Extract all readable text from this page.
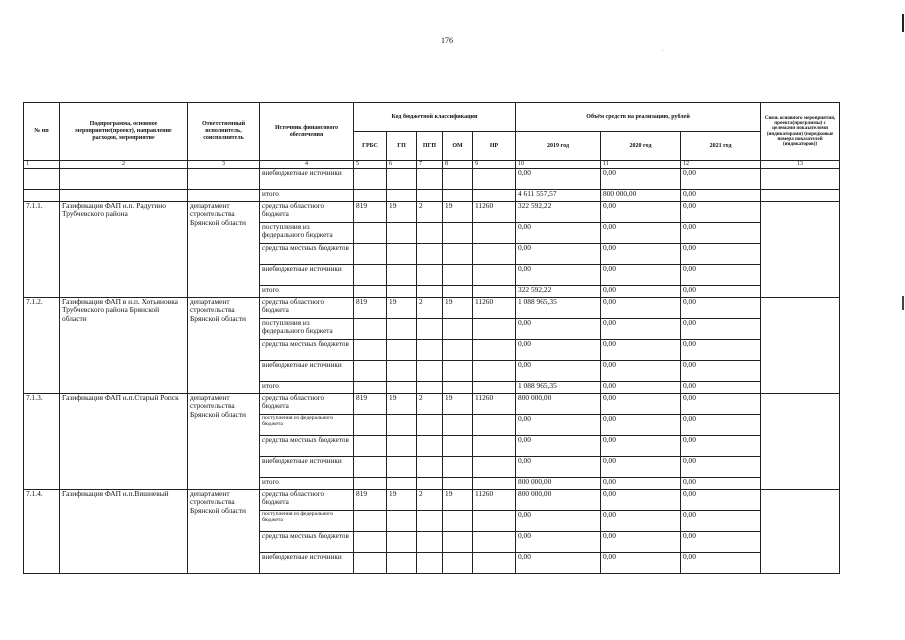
176
·
№ пп	Подпрограмма, основное мероприятие(проект), направление расходов, мероприятие	Ответственный исполнитель, соисполнитель	Источник финансового обеспечения	Код бюджетной классификации					Объём средств на реализацию, рублей			Связь основного мероприятия, проекта(программы) с целевыми показателями (индикаторами) (порядковые номера показателей (индикаторов))
				ГРБС	ГП	ПГП	ОМ	НР	2019 год	2020 год	2021 год	
1	2	3	4	5	6	7	8	9	10	11	12	13
			внебюджетные источники						0,00	0,00	0,00	
			итого						4 611 557,57	800 000,00	0,00	
7.1.1.	Газификация ФАП н.п. Радутино Трубчевского района	департамент строительства Брянской области	средства областного бюджета	819	19	2	19	11260	322 592,22	0,00	0,00	
			поступления из федерального бюджета						0,00	0,00	0,00	
			средства местных бюджетов						0,00	0,00	0,00	
			внебюджетные источники						0,00	0,00	0,00	
			итого						322 592,22	0,00	0,00	
7.1.2.	Газификация ФАП в н.п. Хотьяновка Трубчевского района Брянской области	департамент строительства Брянской области	средства областного бюджета	819	19	2	19	11260	1 088 965,35	0,00	0,00	
			поступления из федерального бюджета						0,00	0,00	0,00	
			средства местных бюджетов						0,00	0,00	0,00	
			внебюджетные источники						0,00	0,00	0,00	
			итого						1 088 965,35	0,00	0,00	
7.1.3.	Газификация ФАП н.п.Старый Ропск	департамент строительства Брянской области	средства областного бюджета	819	19	2	19	11260	800 000,00	0,00	0,00	
			поступления из федерального бюджета						0,00	0,00	0,00	
			средства местных бюджетов						0,00	0,00	0,00	
			внебюджетные источники						0,00	0,00	0,00	
			итого						800 000,00	0,00	0,00	
7.1.4.	Газификация ФАП н.п.Вишневый	департамент строительства Брянской области	средства областного бюджета	819	19	2	19	11260	800 000,00	0,00	0,00	
			поступления из федерального бюджета						0,00	0,00	0,00	
			средства местных бюджетов						0,00	0,00	0,00	
			внебюджетные источники						0,00	0,00	0,00	
